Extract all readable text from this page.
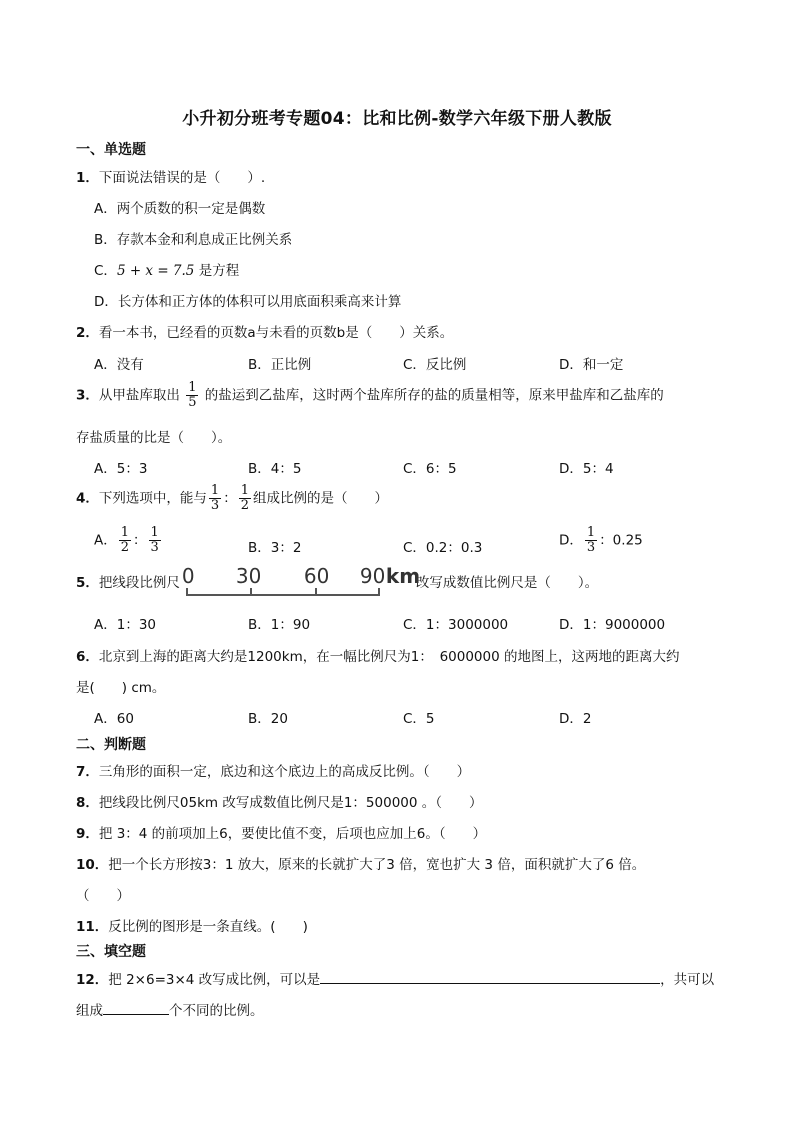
小升初分班考专题04：比和比例-数学六年级下册人教版
一、单选题
1．下面说法错误的是（　　）.
A．两个质数的积一定是偶数
B．存款本金和利息成正比例关系
C．5 + x = 7.5 是方程
D．长方体和正方体的体积可以用底面积乘高来计算
2．看一本书，已经看的页数a与未看的页数b是（　　）关系。
A．没有	B．正比例	C．反比例	D．和一定
3．从甲盐库取出 $\frac{1}{5}$ 的盐运到乙盐库，这时两个盐库所存的盐的质量相等，原来甲盐库和乙盐库的
存盐质量的比是（　　）。
A．5：3	B．4：5	C．6：5	D．5：4
4．下列选项中，能与 $\frac{1}{3}$ ： $\frac{1}{2}$ 组成比例的是（　　）
A． $\frac{1}{2}$ ： $\frac{1}{3}$	B．3：2	C．0.2：0.3	D． $\frac{1}{3}$ ：0.25
5．把线段比例尺 0 30 60 90 km
改写成数值比例尺是（　　）。
A．1：30	B．1：90	C．1：3000000	D．1：9000000
6．北京到上海的距离大约是1200km，在一幅比例尺为1：　6000000 的地图上，这两地的距离大约
是(　　) cm。
A．60	B．20	C．5	D．2
二、判断题
7．三角形的面积一定，底边和这个底边上的高成反比例。（　　）
8．把线段比例尺05km 改写成数值比例尺是1：500000 。（　　）
9．把 3：4 的前项加上6，要使比值不变，后项也应加上6。（　　）
10．把一个长方形按3：1 放大，原来的长就扩大了3 倍，宽也扩大 3 倍，面积就扩大了6 倍。
（　　）
11．反比例的图形是一条直线。(　　)
三、填空题
12．把 2×6=3×4 改写成比例，可以是	，共可以
组成	个不同的比例。
